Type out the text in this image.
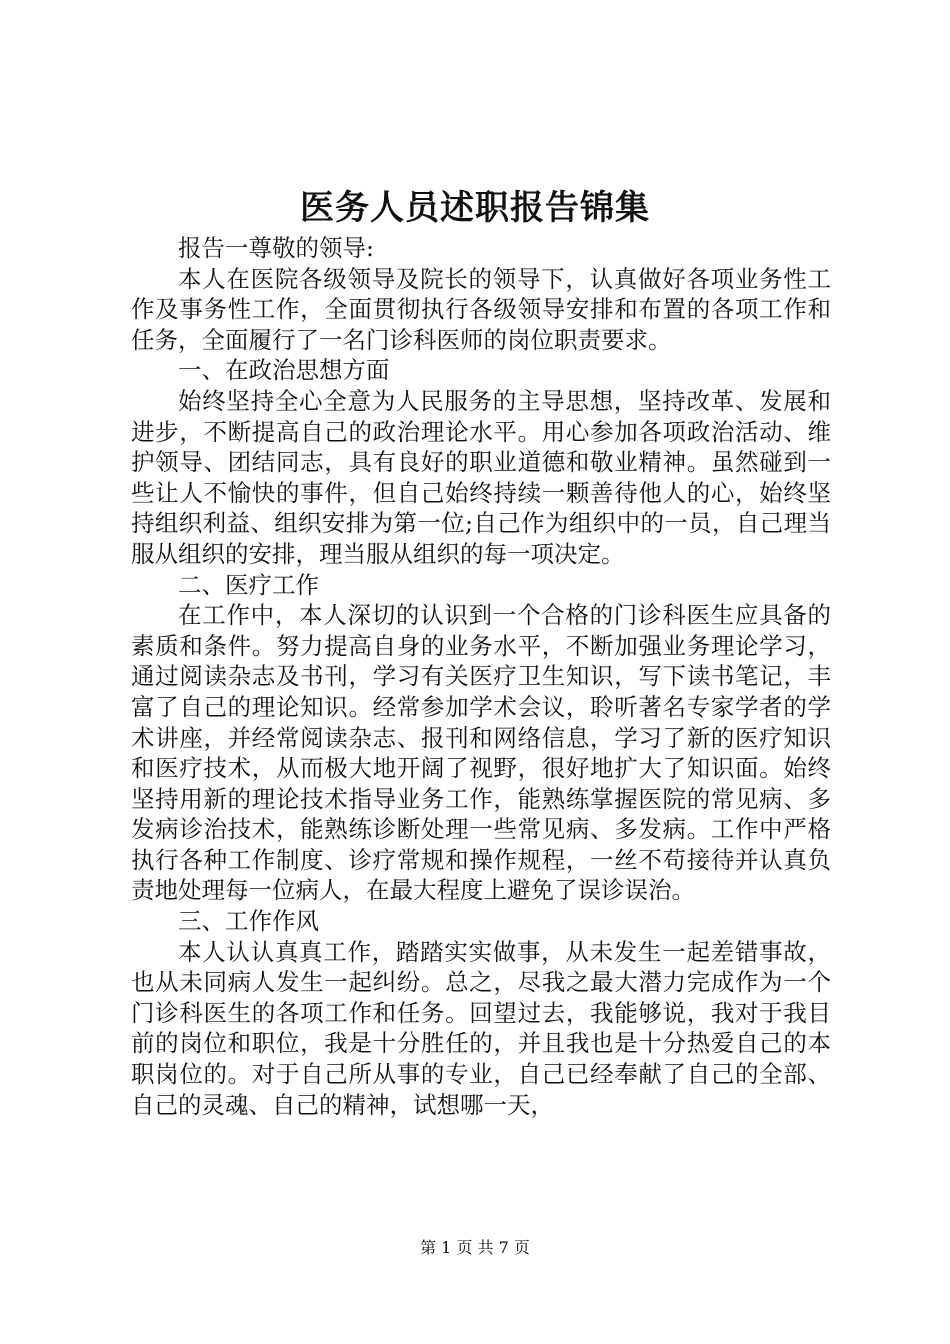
医务人员述职报告锦集

报告一尊敬的领导:

本人在医院各级领导及院长的领导下，认真做好各项业务性工作及事务性工作，全面贯彻执行各级领导安排和布置的各项工作和任务，全面履行了一名门诊科医师的岗位职责要求。

一、在政治思想方面

始终坚持全心全意为人民服务的主导思想，坚持改革、发展和进步，不断提高自己的政治理论水平。用心参加各项政治活动、维护领导、团结同志，具有良好的职业道德和敬业精神。虽然碰到一些让人不愉快的事件，但自己始终持续一颗善待他人的心，始终坚持组织利益、组织安排为第一位;自己作为组织中的一员，自己理当服从组织的安排，理当服从组织的每一项决定。

二、医疗工作

在工作中，本人深切的认识到一个合格的门诊科医生应具备的素质和条件。努力提高自身的业务水平，不断加强业务理论学习，通过阅读杂志及书刊，学习有关医疗卫生知识，写下读书笔记，丰富了自己的理论知识。经常参加学术会议，聆听著名专家学者的学术讲座，并经常阅读杂志、报刊和网络信息，学习了新的医疗知识和医疗技术，从而极大地开阔了视野，很好地扩大了知识面。始终坚持用新的理论技术指导业务工作，能熟练掌握医院的常见病、多发病诊治技术，能熟练诊断处理一些常见病、多发病。工作中严格执行各种工作制度、诊疗常规和操作规程，一丝不苟接待并认真负责地处理每一位病人，在最大程度上避免了误诊误治。

三、工作作风

本人认认真真工作，踏踏实实做事，从未发生一起差错事故，也从未同病人发生一起纠纷。总之，尽我之最大潜力完成作为一个门诊科医生的各项工作和任务。回望过去，我能够说，我对于我目前的岗位和职位，我是十分胜任的，并且我也是十分热爱自己的本职岗位的。对于自己所从事的专业，自己已经奉献了自己的全部、自己的灵魂、自己的精神，试想哪一天，

第 1 页 共 7 页
